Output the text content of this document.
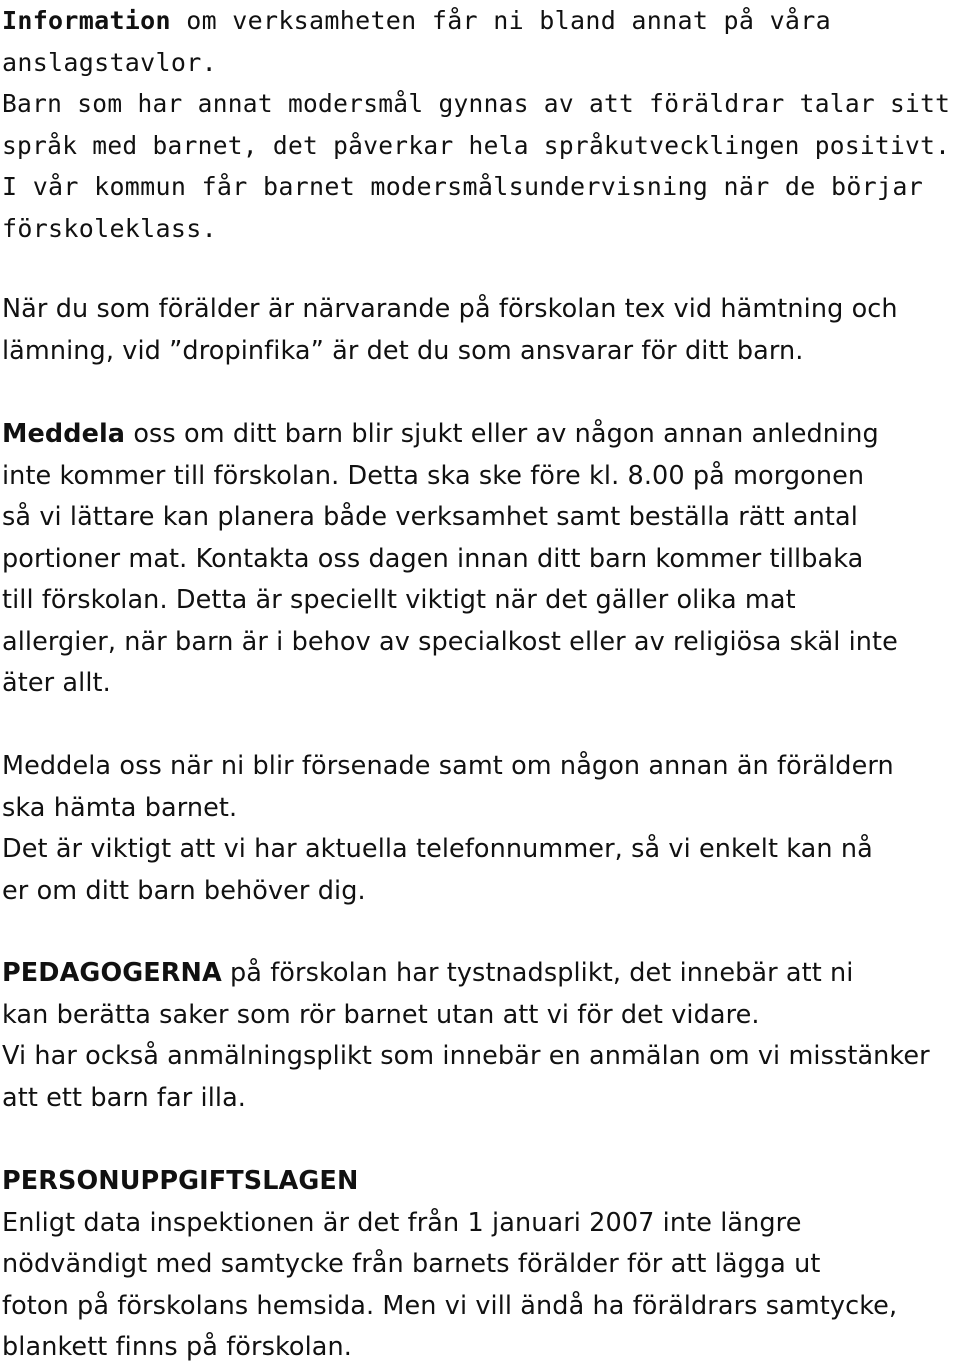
Information om verksamheten får ni bland annat på våra
anslagstavlor.
Barn som har annat modersmål gynnas av att föräldrar talar sitt
språk med barnet, det påverkar hela språkutvecklingen positivt.
I vår kommun får barnet modersmålsundervisning när de börjar
förskoleklass.
När du som förälder är närvarande på förskolan tex vid hämtning och
lämning, vid ”dropinfika” är det du som ansvarar för ditt barn.
Meddela oss om ditt barn blir sjukt eller av någon annan anledning
inte kommer till förskolan. Detta ska ske före kl. 8.00 på morgonen
så vi lättare kan planera både verksamhet samt beställa rätt antal
portioner mat. Kontakta oss dagen innan ditt barn kommer tillbaka
till förskolan. Detta är speciellt viktigt när det gäller olika mat
allergier, när barn är i behov av specialkost eller av religiösa skäl inte
äter allt.
Meddela oss när ni blir försenade samt om någon annan än föräldern
ska hämta barnet.
Det är viktigt att vi har aktuella telefonnummer, så vi enkelt kan nå
er om ditt barn behöver dig.
PEDAGOGERNA på förskolan har tystnadsplikt, det innebär att ni
kan berätta saker som rör barnet utan att vi för det vidare.
Vi har också anmälningsplikt som innebär en anmälan om vi misstänker
att ett barn far illa.
PERSONUPPGIFTSLAGEN
Enligt data inspektionen är det från 1 januari 2007 inte längre
nödvändigt med samtycke från barnets förälder för att lägga ut
foton på förskolans hemsida. Men vi vill ändå ha föräldrars samtycke,
blankett finns på förskolan.
